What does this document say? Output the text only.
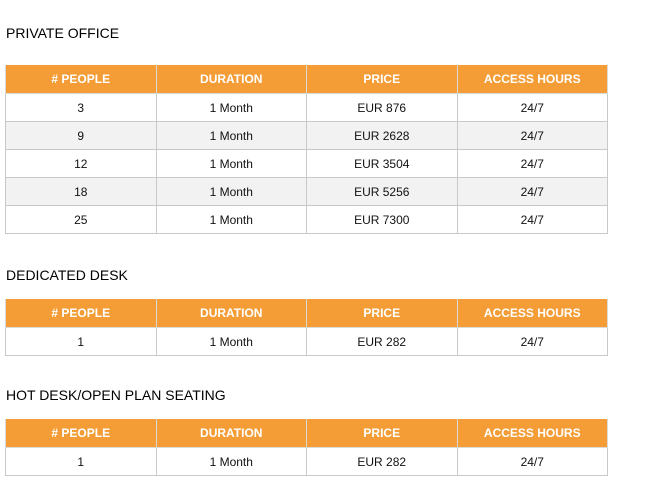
PRIVATE OFFICE
# PEOPLE	DURATION	PRICE	ACCESS HOURS
3	1 Month	EUR 876	24/7
9	1 Month	EUR 2628	24/7
12	1 Month	EUR 3504	24/7
18	1 Month	EUR 5256	24/7
25	1 Month	EUR 7300	24/7
DEDICATED DESK
# PEOPLE	DURATION	PRICE	ACCESS HOURS
1	1 Month	EUR 282	24/7
HOT DESK/OPEN PLAN SEATING
# PEOPLE	DURATION	PRICE	ACCESS HOURS
1	1 Month	EUR 282	24/7
